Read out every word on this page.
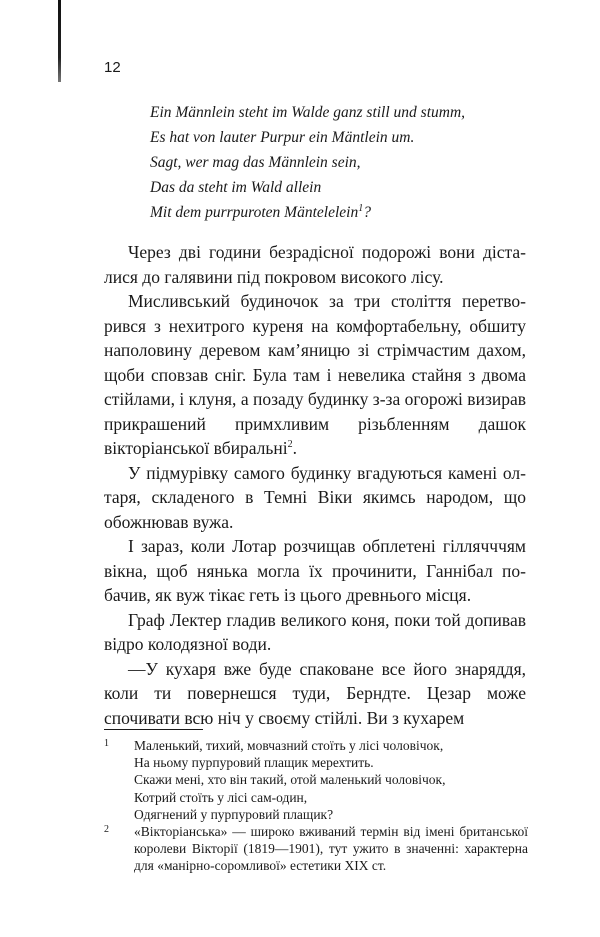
12
Ein Männlein steht im Walde ganz still und stumm,
Es hat von lauter Purpur ein Mäntlein um.
Sagt, wer mag das Männlein sein,
Das da steht im Wald allein
Mit dem purrpuroten Mäntelelein$^1$?

Через дві години безрадісної подорожі вони дісталися до галявини під покровом високого лісу.

Мисливський будиночок за три століття перетворився з нехитрого куреня на комфортабельну, обшиту наполовину деревом кам’яницю зі стрімчастим дахом, щоби сповзав сніг. Була там і невелика стайня з двома стійлами, і клуня, а позаду будинку з-за огорожі визирав прикрашений примхливим різьбленням дашок вікторіанської вбиральні$^2$.

У підмурівку самого будинку вгадуються камені олтаря, складеного в Темні Віки якимсь народом, що обожнював вужа.

І зараз, коли Лотар розчищав обплетені гіллячччям вікна, щоб нянька могла їх прочинити, Ганнібал побачив, як вуж тікає геть із цього древнього місця.

Граф Лектер гладив великого коня, поки той допивав відро колодязної води.

—У кухаря вже буде спаковане все його знаряддя, коли ти повернешся туди, Берндте. Цезар може спочивати всю ніч у своєму стійлі. Ви з кухарем

1 Маленький, тихий, мовчазний стоїть у лісі чоловічок,
На ньому пурпуровий плащик мерехтить.
Скажи мені, хто він такий, отой маленький чоловічок,
Котрий стоїть у лісі сам-один,
Одягнений у пурпуровий плащик?
2 «Вікторіанська» — широко вживаний термін від імені британської королеви Вікторії (1819—1901), тут ужито в значенні: характерна для «манірно-соромливої» естетики XIX ст.
